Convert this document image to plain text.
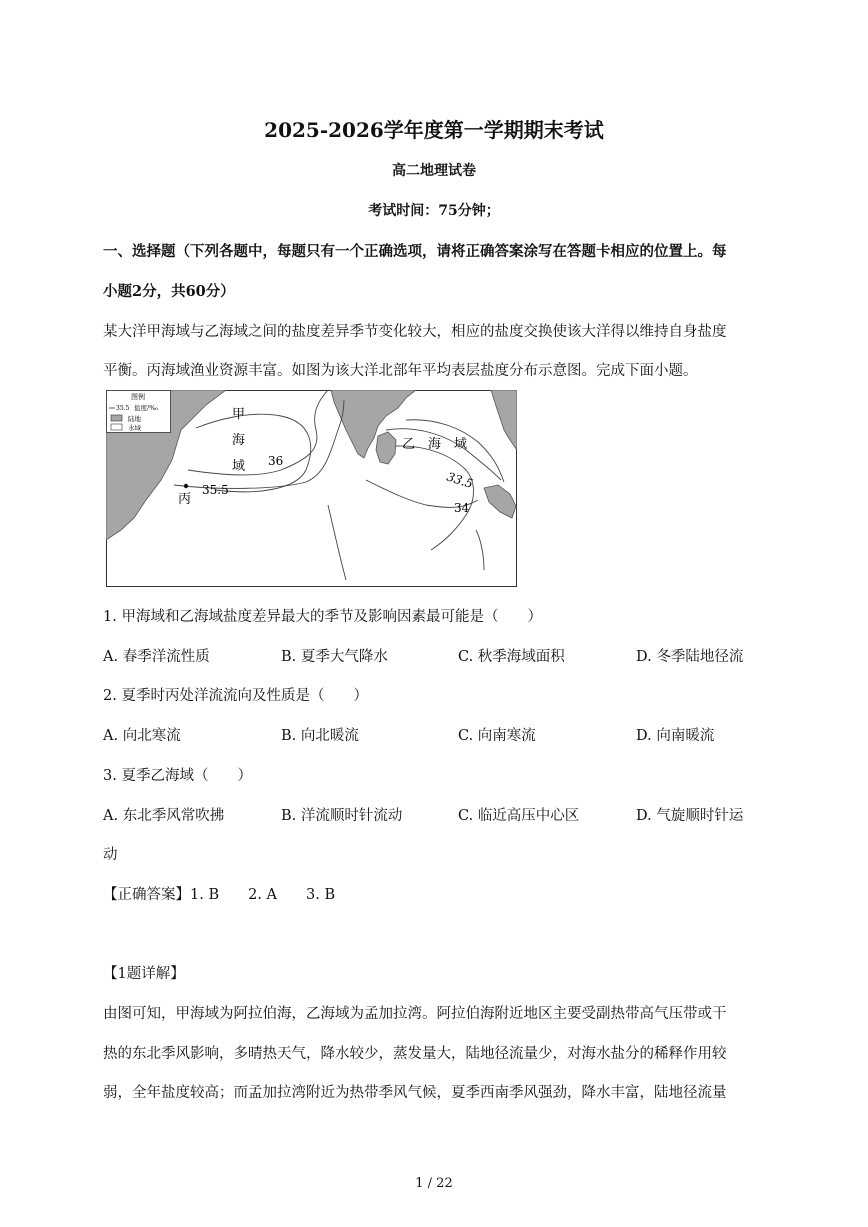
2025-2026学年度第一学期期末考试
高二地理试卷
考试时间：75分钟；
一、选择题（下列各题中，每题只有一个正确选项，请将正确答案涂写在答题卡相应的位置上。每
小题2分，共60分）
某大洋甲海域与乙海域之间的盐度差异季节变化较大，相应的盐度交换使该大洋得以维持自身盐度
平衡。丙海域渔业资源丰富。如图为该大洋北部年平均表层盐度分布示意图。完成下面小题。
图例
35.5 盐度/‰
陆地
水域
甲
海
域 36
丙
35.5
乙　海　域
33.5
34
1. 甲海域和乙海域盐度差异最大的季节及影响因素最可能是（　　）
A. 春季洋流性质	B. 夏季大气降水	C. 秋季海域面积	D. 冬季陆地径流
2. 夏季时丙处洋流流向及性质是（　　）
A. 向北寒流	B. 向北暖流	C. 向南寒流	D. 向南暖流
3. 夏季乙海域（　　）
A. 东北季风常吹拂	B. 洋流顺时针流动	C. 临近高压中心区	D. 气旋顺时针运
动
【正确答案】1. B　　2. A　　3. B
【1题详解】
由图可知，甲海域为阿拉伯海，乙海域为孟加拉湾。阿拉伯海附近地区主要受副热带高气压带或干
热的东北季风影响，多晴热天气，降水较少，蒸发量大，陆地径流量少，对海水盐分的稀释作用较
弱，全年盐度较高；而孟加拉湾附近为热带季风气候，夏季西南季风强劲，降水丰富，陆地径流量
1 / 22
